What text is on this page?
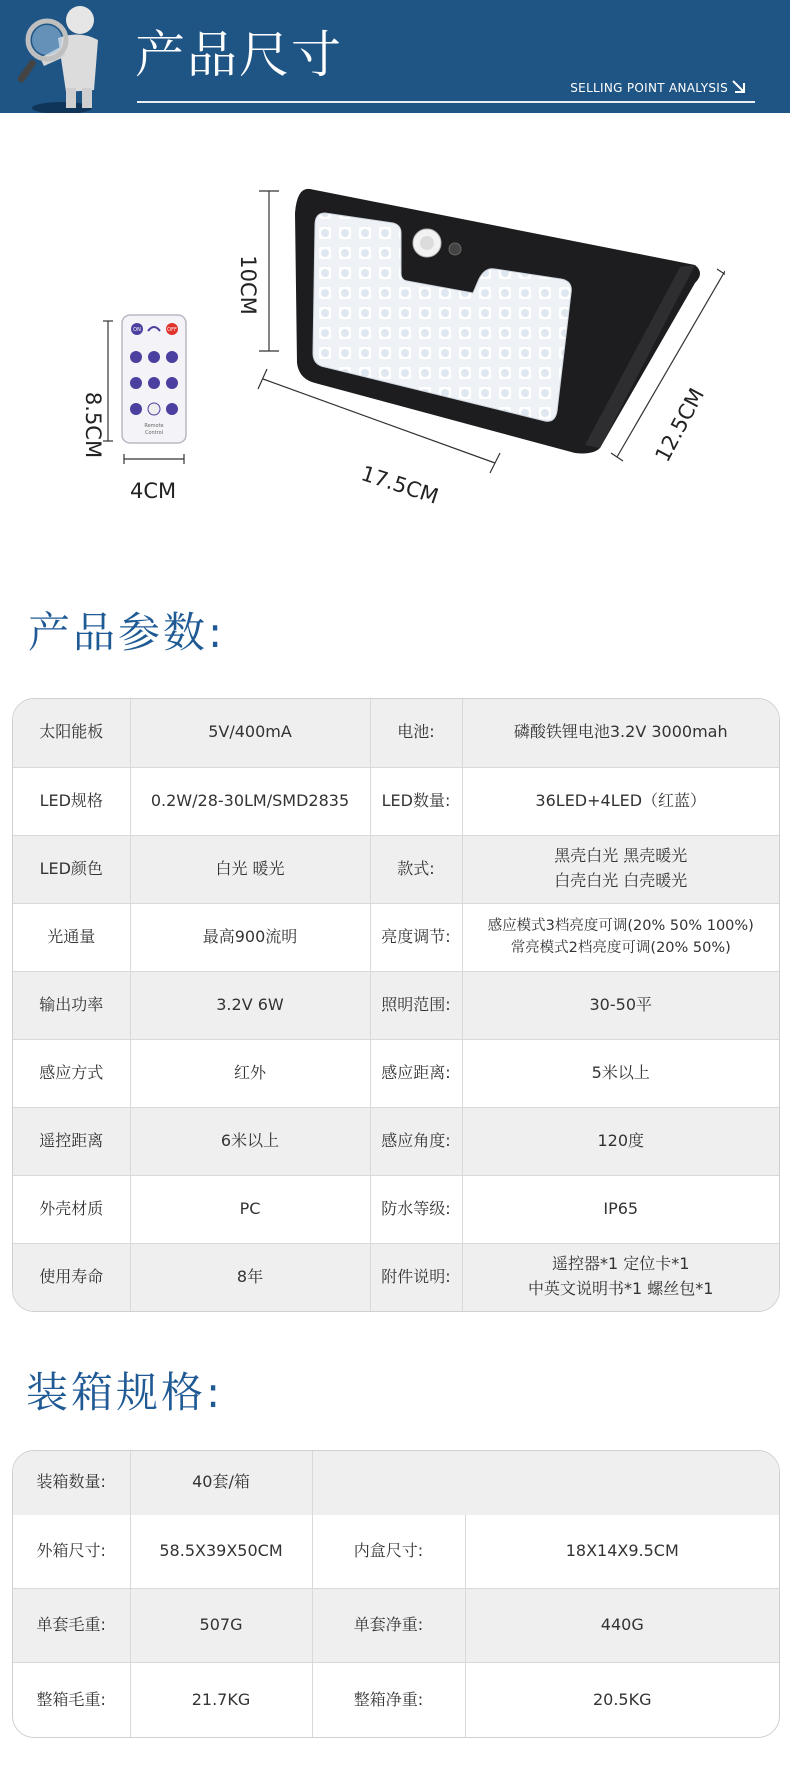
产品尺寸
SELLING POINT ANALYSIS
ON	OFF
Remote
Control
8.5CM
4CM
10CM
17.5CM
12.5CM
产品参数:
太阳能板	5V/400mA	电池:	磷酸铁锂电池3.2V 3000mah

LED规格	0.2W/28-30LM/SMD2835	LED数量:	36LED+4LED（红蓝）

LED颜色	白光 暖光	款式:	黑壳白光 黑壳暖光
白壳白光 白壳暖光

光通量	最高900流明	亮度调节:	感应模式3档亮度可调(20% 50% 100%)
常亮模式2档亮度可调(20% 50%)

输出功率	3.2V 6W	照明范围:	30-50平

感应方式	红外	感应距离:	5米以上

遥控距离	6米以上	感应角度:	120度

外壳材质	PC	防水等级:	IP65

使用寿命	8年	附件说明:	遥控器*1 定位卡*1
中英文说明书*1 螺丝包*1
装箱规格:
装箱数量:	40套/箱		
外箱尺寸:	58.5X39X50CM	内盒尺寸:	18X14X9.5CM
单套毛重:	507G	单套净重:	440G
整箱毛重:	21.7KG	整箱净重:	20.5KG
